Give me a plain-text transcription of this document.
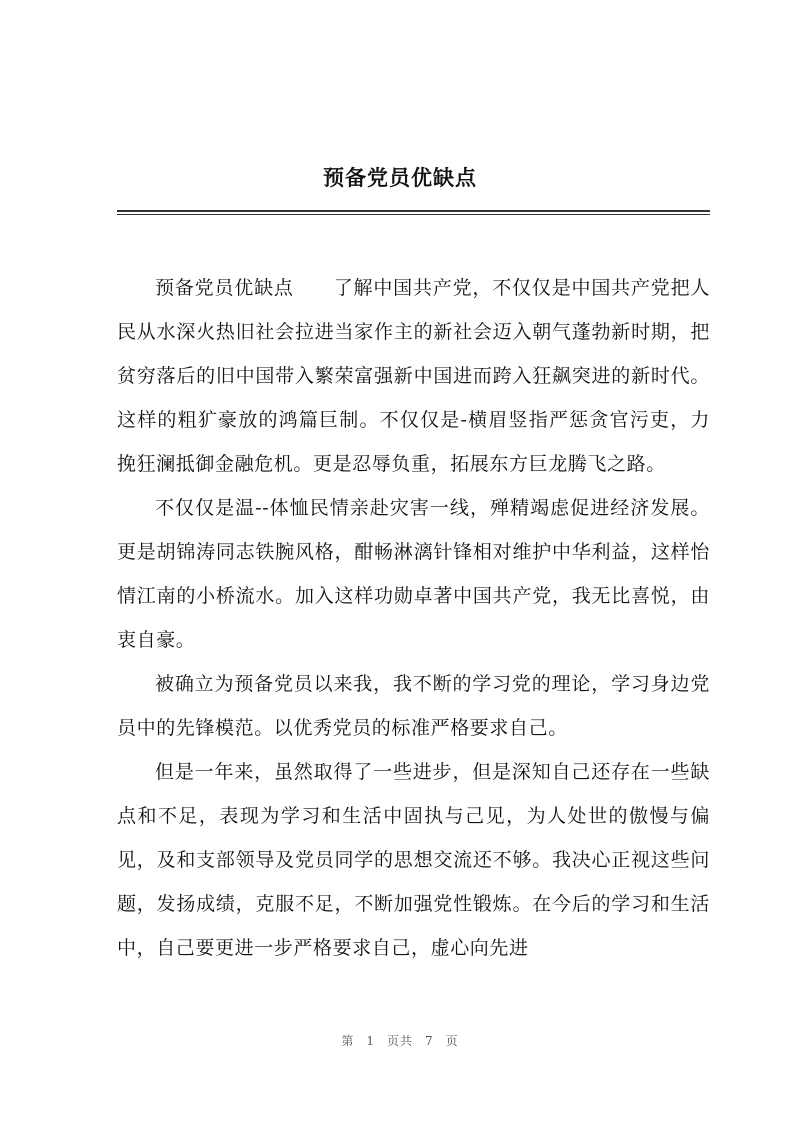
预备党员优缺点

预备党员优缺点 了解中国共产党，不仅仅是中国共产党把人民从水深火热旧社会拉进当家作主的新社会迈入朝气蓬勃新时期，把贫穷落后的旧中国带入繁荣富强新中国进而跨入狂飙突进的新时代。这样的粗犷豪放的鸿篇巨制。不仅仅是-横眉竖指严惩贪官污吏，力挽狂澜抵御金融危机。更是忍辱负重，拓展东方巨龙腾飞之路。

不仅仅是温--体恤民情亲赴灾害一线，殚精竭虑促进经济发展。更是胡锦涛同志铁腕风格，酣畅淋漓针锋相对维护中华利益，这样怡情江南的小桥流水。加入这样功勋卓著中国共产党，我无比喜悦，由衷自豪。

被确立为预备党员以来我，我不断的学习党的理论，学习身边党员中的先锋模范。以优秀党员的标准严格要求自己。

但是一年来，虽然取得了一些进步，但是深知自己还存在一些缺点和不足，表现为学习和生活中固执与己见，为人处世的傲慢与偏见，及和支部领导及党员同学的思想交流还不够。我决心正视这些问题，发扬成绩，克服不足，不断加强党性锻炼。在今后的学习和生活中，自己要更进一步严格要求自己，虚心向先进

第 1 页共 7 页
